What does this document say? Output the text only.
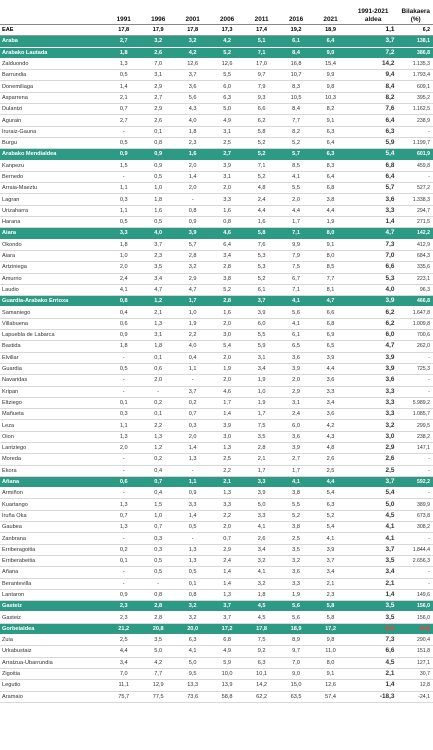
	1991	1996	2001	2006	2011	2016	2021	1991-2021 aldea	Bilakaera (%)
EAE	17,8	17,9	17,8	17,3	17,4	19,2	18,9	1,1	6,2
Araba	2,7	3,2	3,2	4,2	5,1	6,1	6,4	3,7	138,1
Arabako Lautada	1,8	2,6	4,2	5,2	7,1	8,4	9,0	7,2	386,8
Zalduondo	1,3	7,0	12,6	12,6	17,0	16,8	15,4	14,2	1.135,3
Barrundia	0,5	3,1	3,7	5,5	9,7	10,7	9,9	9,4	1.793,4
Donemiliaga	1,4	2,9	3,6	6,0	7,9	8,3	9,8	8,4	609,1
Asparrena	2,1	2,7	5,6	6,3	9,3	10,5	10,3	8,2	395,2
Dulantzi	0,7	2,9	4,3	5,0	6,6	8,4	8,2	7,6	1.162,5
Agurain	2,7	2,6	4,0	4,9	6,2	7,7	9,1	6,4	238,9
Iruraiz-Gauna	-	0,1	1,8	3,1	5,8	8,2	6,3	6,3	-
Burgu	0,5	0,8	2,3	2,5	5,2	5,2	6,4	5,9	1.199,7
Arabako Mendialdea	0,9	0,9	1,6	2,7	5,2	5,7	6,3	5,4	601,9
Kanpezu	1,5	0,9	2,0	3,9	7,1	8,5	8,3	6,8	459,8
Bernedo	-	0,5	1,4	3,1	5,2	4,1	6,4	6,4	-
Arraia-Maeztu	1,1	1,0	2,0	2,0	4,8	5,5	6,8	5,7	527,2
Lagran	0,3	1,8	-	3,3	2,4	2,0	3,8	3,6	1.338,3
Urizaharra	1,1	1,6	0,8	1,6	4,4	4,4	4,4	3,3	294,7
Harana	0,5	0,5	0,9	0,8	1,6	1,7	1,9	1,4	271,5
Aiara	3,3	4,0	3,9	4,6	5,8	7,1	8,0	4,7	142,2
Okondo	1,8	3,7	5,7	6,4	7,6	9,9	9,1	7,3	412,9
Aiara	1,0	2,3	2,8	3,4	5,3	7,9	8,0	7,0	684,3
Artziniega	2,0	3,5	3,2	2,8	5,3	7,5	8,5	6,6	335,6
Amurrio	2,4	3,4	2,9	3,8	5,2	6,7	7,7	5,3	223,1
Laudio	4,1	4,7	4,7	5,2	6,1	7,1	8,1	4,0	96,3
Guardia-Arabako Errioxa	0,8	1,2	1,7	2,8	3,7	4,1	4,7	3,9	466,8
Samaniego	0,4	2,1	1,0	1,6	3,9	5,6	6,6	6,2	1.647,8
Villabuena	0,6	1,3	1,9	2,0	6,0	4,1	6,8	6,2	1.009,8
Lapuebla de Labarca	0,9	3,1	2,2	3,0	5,5	6,1	6,9	6,0	700,6
Bastida	1,8	1,8	4,0	5,4	5,9	6,5	6,5	4,7	262,0
Elvillar	-	0,1	0,4	2,0	3,1	3,6	3,9	3,9	-
Guardia	0,5	0,6	1,1	1,9	3,4	3,9	4,4	3,9	725,3
Navaridas	-	2,0	-	2,0	1,9	2,0	3,6	3,6	-
Kripan	-	-	3,7	4,6	1,0	2,9	3,3	3,3	-
Eltziego	0,1	0,2	0,2	1,7	1,9	3,1	3,4	3,3	5.989,2
Mañueta	0,3	0,1	0,7	1,4	1,7	2,4	3,6	3,3	1.085,7
Leza	1,1	2,2	0,3	3,9	7,5	6,0	4,2	3,2	299,5
Oion	1,3	1,3	2,0	3,0	3,5	3,6	4,3	3,0	238,2
Lantziego	2,0	1,2	1,4	1,3	2,8	3,9	4,8	2,9	147,1
Moreda	-	0,2	1,3	2,5	2,1	2,7	2,6	2,6	-
Ekora	-	0,4	-	2,2	1,7	1,7	2,5	2,5	-
Añana	0,6	0,7	1,1	2,1	3,3	4,1	4,4	3,7	592,2
Armiñon	-	0,4	0,9	1,3	3,9	3,8	5,4	5,4	-
Kuartango	1,3	1,5	3,3	3,3	5,0	5,5	6,3	5,0	389,9
Iruña Oka	0,7	1,0	1,4	2,2	3,3	5,2	5,2	4,5	673,8
Gaubea	1,3	0,7	0,5	2,0	4,1	3,8	5,4	4,1	308,2
Zanbrana	-	0,3	-	0,7	2,6	2,5	4,1	4,1	-
Erriberagoitia	0,2	0,3	1,3	2,9	3,4	3,5	3,9	3,7	1.844,4
Erriberabeitia	0,1	0,5	1,3	2,4	3,2	3,2	3,7	3,5	2.656,3
Añana	-	0,5	0,5	1,4	4,1	3,6	3,4	3,4	-
Berantevilla	-	-	0,1	1,4	3,2	3,3	2,1	2,1	-
Lantaron	0,9	0,8	0,8	1,3	1,8	1,9	2,3	1,4	149,6
Gasteiz	2,3	2,8	3,2	3,7	4,5	5,6	5,8	3,5	156,0
Gasteiz	2,3	2,8	3,2	3,7	4,5	5,6	5,8	3,5	156,0
Gorbeialdea	21,2	20,8	20,0	17,2	17,8	18,9	17,2	-4,0	-18,8
Zuia	2,5	3,5	6,3	6,8	7,5	8,9	9,8	7,3	290,4
Urkabustaiz	4,4	5,0	4,1	4,9	9,2	9,7	11,0	6,6	151,8
Arratzua-Ubarrundia	3,4	4,2	5,0	5,9	6,3	7,0	8,0	4,5	127,1
Zigoitia	7,0	7,7	9,5	10,0	10,1	9,0	9,1	2,1	30,7
Legutio	11,1	12,9	13,3	13,9	14,2	15,0	12,6	1,4	12,8
Aramaio	75,7	77,5	73,6	58,8	62,2	63,5	57,4	-18,3	-24,1
